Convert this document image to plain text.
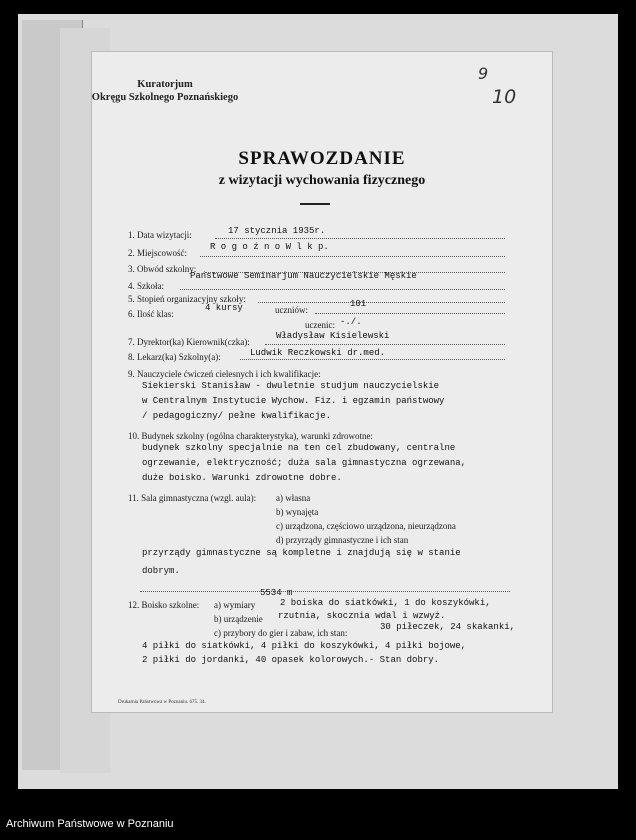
Kuratorjum
Okręgu Szkolnego Poznańskiego
9
10
SPRAWOZDANIE
z wizytacji wychowania fizycznego
1. Data wizytacji:	17 stycznia 1935r.
2. Miejscowość:
R o g o ź n o W l k p.
3. Obwód szkolny:
4. Szkoła:
Państwowe Seminarjum Nauczycielskie Męskie
5. Stopień organizacyjny szkoły:
6. Ilość klas:
4 kursy	uczniów:
101
uczenic: -./.
7. Dyrektor(ka) Kierownik(czka):
Władysław Kisielewski
8. Lekarz(ka) Szkolny(a):	Ludwik Reczkowski dr.med.
9. Nauczyciele ćwiczeń cielesnych i ich kwalifikacje:
Siekierski Stanisław - dwuletnie studjum nauczycielskie
w Centralnym Instytucie Wychow. Fiz. i egzamin państwowy
/ pedagogiczny/ pełne kwalifikacje.
10. Budynek szkolny (ogólna charakterystyka), warunki zdrowotne:
budynek szkolny specjalnie na ten cel zbudowany, centralne
ogrzewanie, elektryczność; duża sala gimnastyczna ogrzewana,
duże boisko. Warunki zdrowotne dobre.
11. Sala gimnastyczna (wzgl. aula): a) własna
b) wynajęta
c) urządzona, częściowo urządzona, nieurządzona
d) przyrządy gimnastyczne i ich stan
przyrządy gimnastyczne są kompletne i znajdują się w stanie
dobrym.
12. Boisko szkolne: a) wymiary
5534 m
b) urządzenie
2 boiska do siatkówki, 1 do koszykówki,
rzutnia, skocznia wdal i wzwyż.
c) przybory do gier i zabaw, ich stan:
30 piłeczek, 24 skakanki,
4 piłki do siatkówki, 4 piłki do koszykówki, 4 piłki bojowe,
2 piłki do jordanki, 40 opasek kolorowych.- Stan dobry.
Drukarnia Państwowa w Poznaniu. 675. 34.
Archiwum Państwowe w Poznaniu
